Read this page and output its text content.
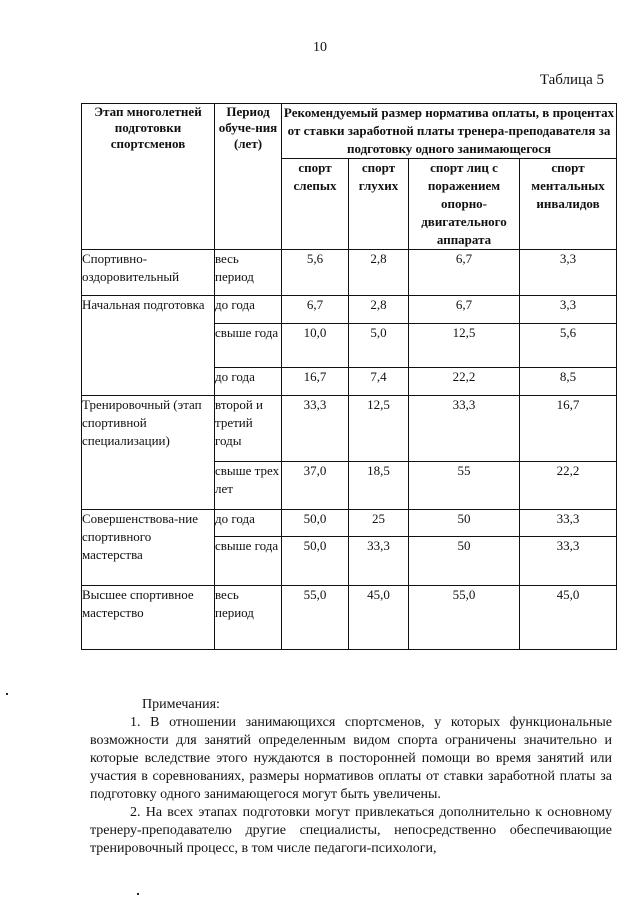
10
Таблица 5
Этап многолетней подготовки спортсменов	Период обуче-ния (лет)	Рекомендуемый размер норматива оплаты, в процентах от ставки заработной платы тренера-преподавателя за подготовку одного занимающегося			
		спорт слепых	спорт глухих	спорт лиц с поражением опорно-двигательного аппарата	спорт ментальных инвалидов
Спортивно-оздоровительный	весь период	5,6	2,8	6,7	3,3
Начальная подготовка	до года	6,7	2,8	6,7	3,3
	свыше года	10,0	5,0	12,5	5,6
	до года	16,7	7,4	22,2	8,5
Тренировочный (этап спортивной специализации)	второй и третий годы	33,3	12,5	33,3	16,7
	свыше трех лет	37,0	18,5	55	22,2
Совершенствова-ние спортивного мастерства	до года	50,0	25	50	33,3
	свыше года	50,0	33,3	50	33,3
Высшее спортивное мастерство	весь период	55,0	45,0	55,0	45,0

Примечания:

1. В отношении занимающихся спортсменов, у которых функциональные возможности для занятий определенным видом спорта ограничены значительно и которые вследствие этого нуждаются в посторонней помощи во время занятий или участия в соревнованиях, размеры нормативов оплаты от ставки заработной платы за подготовку одного занимающегося могут быть увеличены.

2. На всех этапах подготовки могут привлекаться дополнительно к основному тренеру-преподавателю другие специалисты, непосредственно обеспечивающие тренировочный процесс, в том числе педагоги-психологи,
